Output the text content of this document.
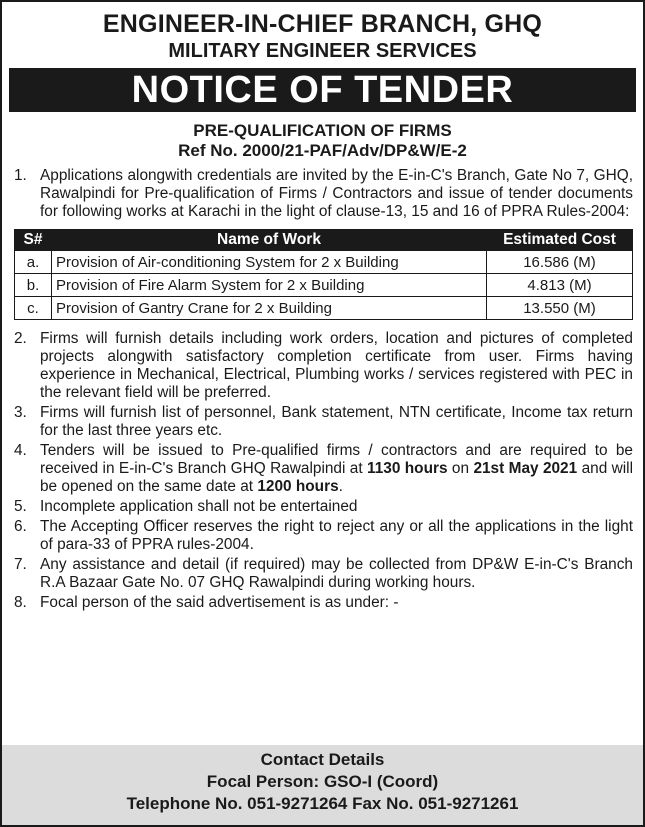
ENGINEER-IN-CHIEF BRANCH, GHQ
MILITARY ENGINEER SERVICES
NOTICE OF TENDER
PRE-QUALIFICATION OF FIRMS
Ref No. 2000/21-PAF/Adv/DP&W/E-2
1. Applications alongwith credentials are invited by the E-in-C's Branch, Gate No 7, GHQ, Rawalpindi for Pre-qualification of Firms / Contractors and issue of tender documents for following works at Karachi in the light of clause-13, 15 and 16 of PPRA Rules-2004:
S#	Name of Work	Estimated Cost
a.	Provision of Air-conditioning System for 2 x Building	16.586 (M)
b.	Provision of Fire Alarm System for 2 x Building	4.813 (M)
c.	Provision of Gantry Crane for 2 x Building	13.550 (M)
2. Firms will furnish details including work orders, location and pictures of completed projects alongwith satisfactory completion certificate from user. Firms having experience in Mechanical, Electrical, Plumbing works / services registered with PEC in the relevant field will be preferred.
3. Firms will furnish list of personnel, Bank statement, NTN certificate, Income tax return for the last three years etc.
4. Tenders will be issued to Pre-qualified firms / contractors and are required to be received in E-in-C's Branch GHQ Rawalpindi at 1130 hours on 21st May 2021 and will be opened on the same date at 1200 hours.
5. Incomplete application shall not be entertained
6. The Accepting Officer reserves the right to reject any or all the applications in the light of para-33 of PPRA rules-2004.
7. Any assistance and detail (if required) may be collected from DP&W E-in-C's Branch R.A Bazaar Gate No. 07 GHQ Rawalpindi during working hours.
8. Focal person of the said advertisement is as under: -
Contact Details
Focal Person: GSO-I (Coord)
Telephone No. 051-9271264 Fax No. 051-9271261
